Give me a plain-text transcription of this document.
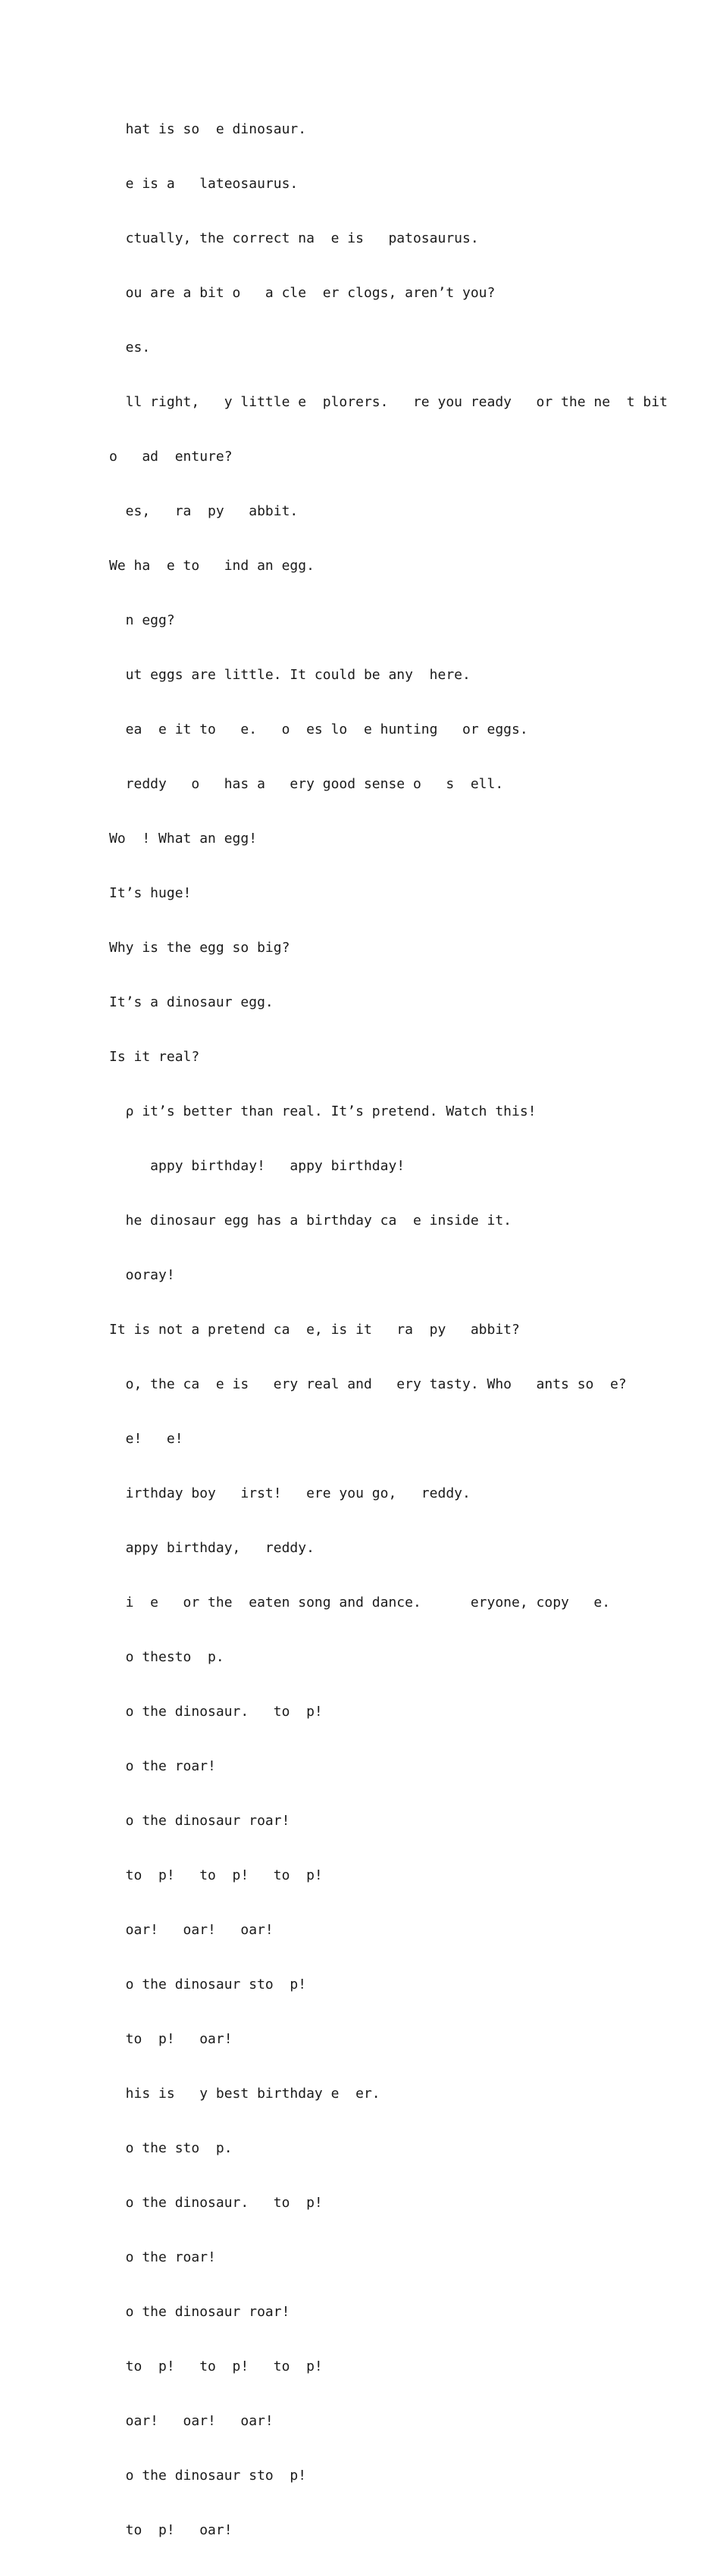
hat is so  e dinosaur.

e is a   lateosaurus.

ctually, the correct na  e is   patosaurus.

ou are a bit o   a cle  er clogs, aren’t you?

es.

ll right,   y little e  plorers.   re you ready   or the ne  t bit

o   ad  enture?

es,   ra  py   abbit.

We ha  e to   ind an egg.

n egg?

ut eggs are little. It could be any  here.

ea  e it to   e.   o  es lo  e hunting   or eggs.

reddy   o   has a   ery good sense o   s  ell.

Wo  ! What an egg!

It’s huge!

Why is the egg so big?

It’s a dinosaur egg.

Is it real?

ρ it’s better than real. It’s pretend. Watch this!

appy birthday!   appy birthday!

he dinosaur egg has a birthday ca  e inside it.

ooray!

It is not a pretend ca  e, is it   ra  py   abbit?

o, the ca  e is   ery real and   ery tasty. Who   ants so  e?

e!   e!

irthday boy   irst!   ere you go,   reddy.

appy birthday,   reddy.

i  e   or the  eaten song and dance.      eryone, copy   e.

o thesto  p.

o the dinosaur.   to  p!

o the roar!

o the dinosaur roar!

to  p!   to  p!   to  p!

oar!   oar!   oar!

o the dinosaur sto  p!

to  p!   oar!

his is   y best birthday e  er.

o the sto  p.

o the dinosaur.   to  p!

o the roar!

o the dinosaur roar!

to  p!   to  p!   to  p!

oar!   oar!   oar!

o the dinosaur sto  p!

to  p!   oar!
